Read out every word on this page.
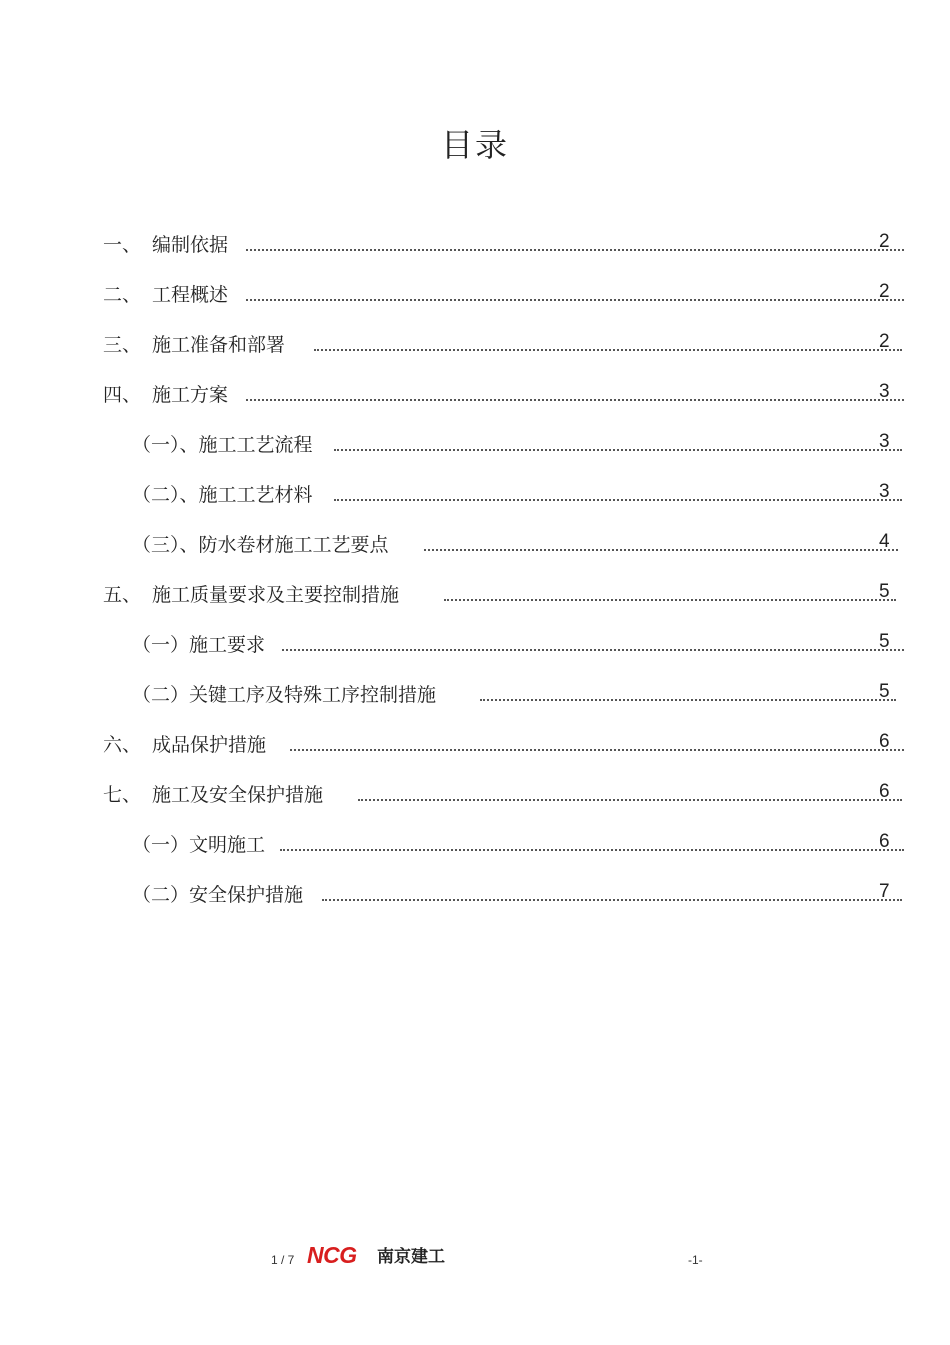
目录
一、 编制依据	2
二、 工程概述	2
三、 施工准备和部署	2
四、 施工方案	3
（一）、施工工艺流程	3
（二）、施工工艺材料	3
（三）、防水卷材施工工艺要点	4
五、 施工质量要求及主要控制措施	5
（一）施工要求	5
（二）关键工序及特殊工序控制措施	5
六、 成品保护措施	6
七、 施工及安全保护措施	6
（一）文明施工	6
（二）安全保护措施	7
1 / 7 NCG 南京建工	-1-
